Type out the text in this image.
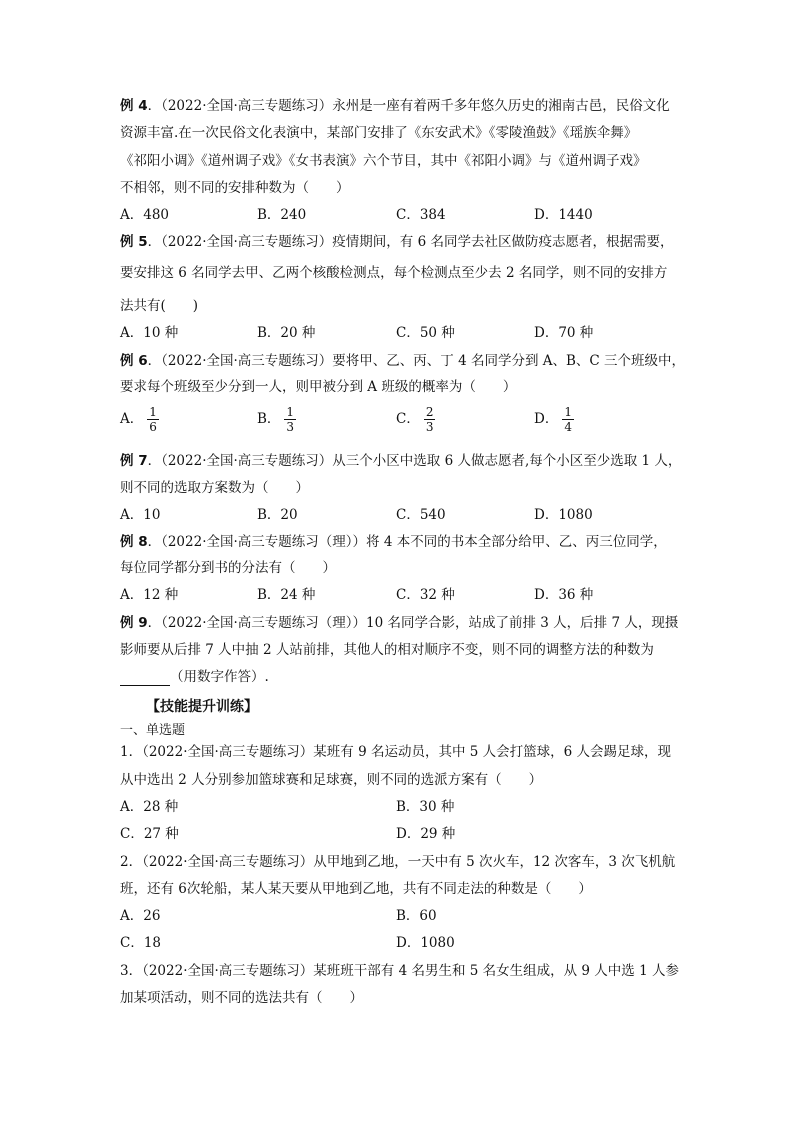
例 4．（2022·全国·高三专题练习）永州是一座有着两千多年悠久历史的湘南古邑，民俗文化
资源丰富.在一次民俗文化表演中，某部门安排了《东安武术》《零陵渔鼓》《瑶族伞舞》
《祁阳小调》《道州调子戏》《女书表演》六个节目，其中《祁阳小调》与《道州调子戏》
不相邻，则不同的安排种数为（　　）
A．480	B．240	C．384	D．1440
例 5．（2022·全国·高三专题练习）疫情期间，有 6 名同学去社区做防疫志愿者，根据需要，
要安排这 6 名同学去甲、乙两个核酸检测点，每个检测点至少去 2 名同学，则不同的安排方
法共有(　　)
A．10 种	B．20 种	C．50 种	D．70 种
例 6．（2022·全国·高三专题练习）要将甲、乙、丙、丁 4 名同学分到 A、B、C 三个班级中，
要求每个班级至少分到一人，则甲被分到 A 班级的概率为（　　）
A． $\frac{1}{6}$	B． $\frac{1}{3}$	C． $\frac{2}{3}$	D． $\frac{1}{4}$
例 7．（2022·全国·高三专题练习）从三个小区中选取 6 人做志愿者,每个小区至少选取 1 人，
则不同的选取方案数为（　　）
A．10	B．20	C．540	D．1080
例 8．（2022·全国·高三专题练习（理））将 4 本不同的书本全部分给甲、乙、丙三位同学，
每位同学都分到书的分法有（　　）
A．12 种	B．24 种	C．32 种	D．36 种
例 9．（2022·全国·高三专题练习（理））10 名同学合影，站成了前排 3 人，后排 7 人，现摄
影师要从后排 7 人中抽 2 人站前排，其他人的相对顺序不变，则不同的调整方法的种数为
（用数字作答）.
【技能提升训练】
一、单选题
1．（2022·全国·高三专题练习）某班有 9 名运动员，其中 5 人会打篮球，6 人会踢足球，现
从中选出 2 人分别参加篮球赛和足球赛，则不同的选派方案有（　　）
A．28 种	B．30 种
C．27 种	D．29 种
2．（2022·全国·高三专题练习）从甲地到乙地，一天中有 5 次火车，12 次客车，3 次飞机航
班，还有 6次轮船，某人某天要从甲地到乙地，共有不同走法的种数是（　　）
A．26	B．60
C．18	D．1080
3．（2022·全国·高三专题练习）某班班干部有 4 名男生和 5 名女生组成，从 9 人中选 1 人参
加某项活动，则不同的选法共有（　　）
